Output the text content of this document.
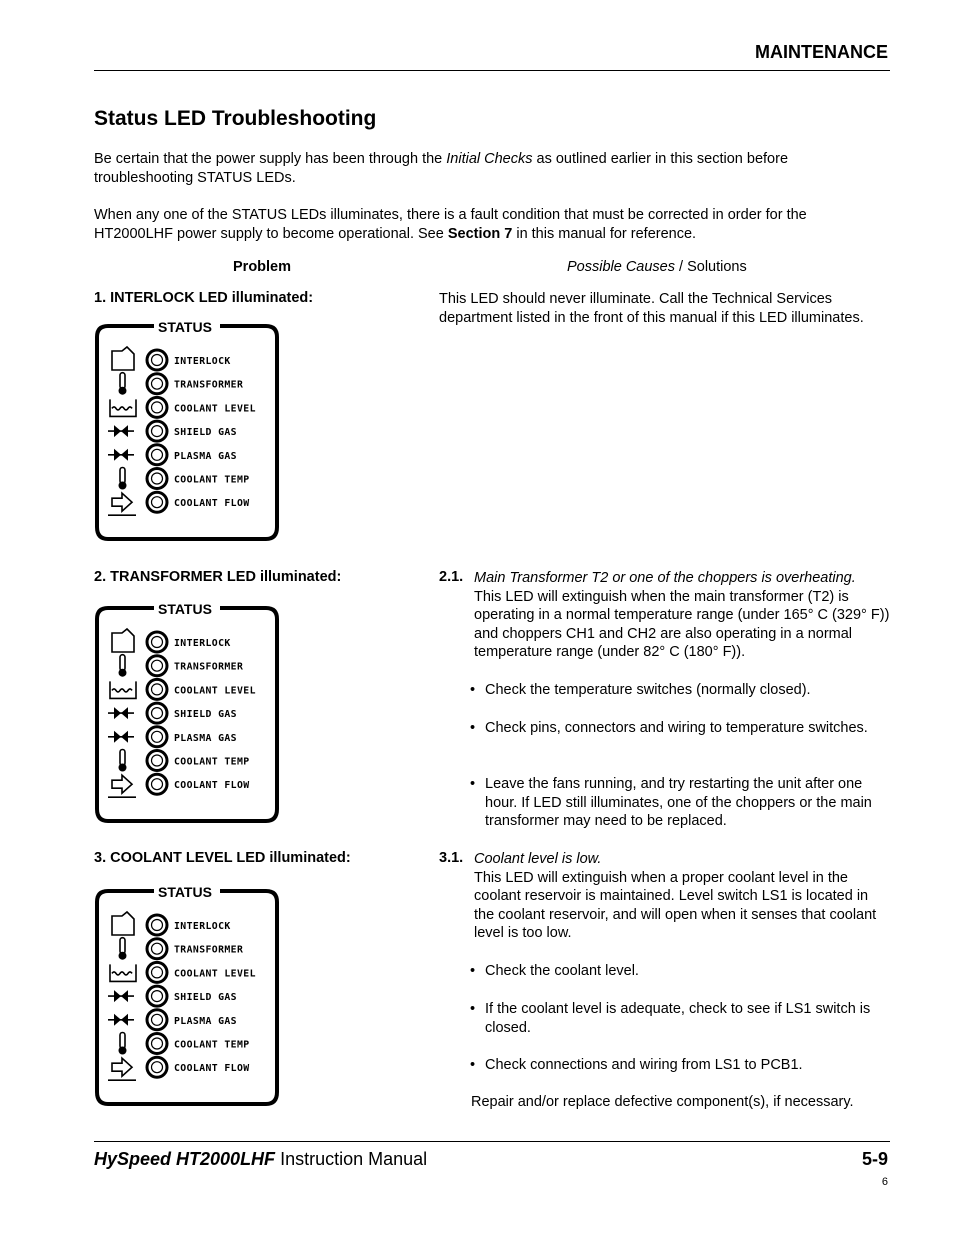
MAINTENANCE
Status LED Troubleshooting
Be certain that the power supply has been through the Initial Checks as outlined earlier in this section before troubleshooting STATUS LEDs.
When any one of the STATUS LEDs illuminates, there is a fault condition that must be corrected in order for the HT2000LHF power supply to become operational. See Section 7 in this manual for reference.
Problem	Possible Causes / Solutions
1. INTERLOCK LED illuminated:
STATUS
INTERLOCK
TRANSFORMER
COOLANT LEVEL
SHIELD GAS
PLASMA GAS
COOLANT TEMP
COOLANT FLOW
This LED should never illuminate. Call the Technical Services department listed in the front of this manual if this LED illuminates.
2. TRANSFORMER LED illuminated:
STATUS
INTERLOCK
TRANSFORMER
COOLANT LEVEL
SHIELD GAS
PLASMA GAS
COOLANT TEMP
COOLANT FLOW
2.1. Main Transformer T2 or one of the choppers is overheating.
This LED will extinguish when the main transformer (T2) is operating in a normal temperature range (under 165° C (329° F)) and choppers CH1 and CH2 are also operating in a normal temperature range (under 82° C (180° F)).
• Check the temperature switches (normally closed).
• Check pins, connectors and wiring to temperature switches.
• Leave the fans running, and try restarting the unit after one hour. If LED still illuminates, one of the choppers or the main transformer may need to be replaced.
3. COOLANT LEVEL LED illuminated:
STATUS
INTERLOCK
TRANSFORMER
COOLANT LEVEL
SHIELD GAS
PLASMA GAS
COOLANT TEMP
COOLANT FLOW
3.1. Coolant level is low.
This LED will extinguish when a proper coolant level in the coolant reservoir is maintained. Level switch LS1 is located in the coolant reservoir, and will open when it senses that coolant level is too low.
• Check the coolant level.
• If the coolant level is adequate, check to see if LS1 switch is closed.
• Check connections and wiring from LS1 to PCB1.
Repair and/or replace defective component(s), if necessary.
HySpeed HT2000LHF Instruction Manual	5-9
6
